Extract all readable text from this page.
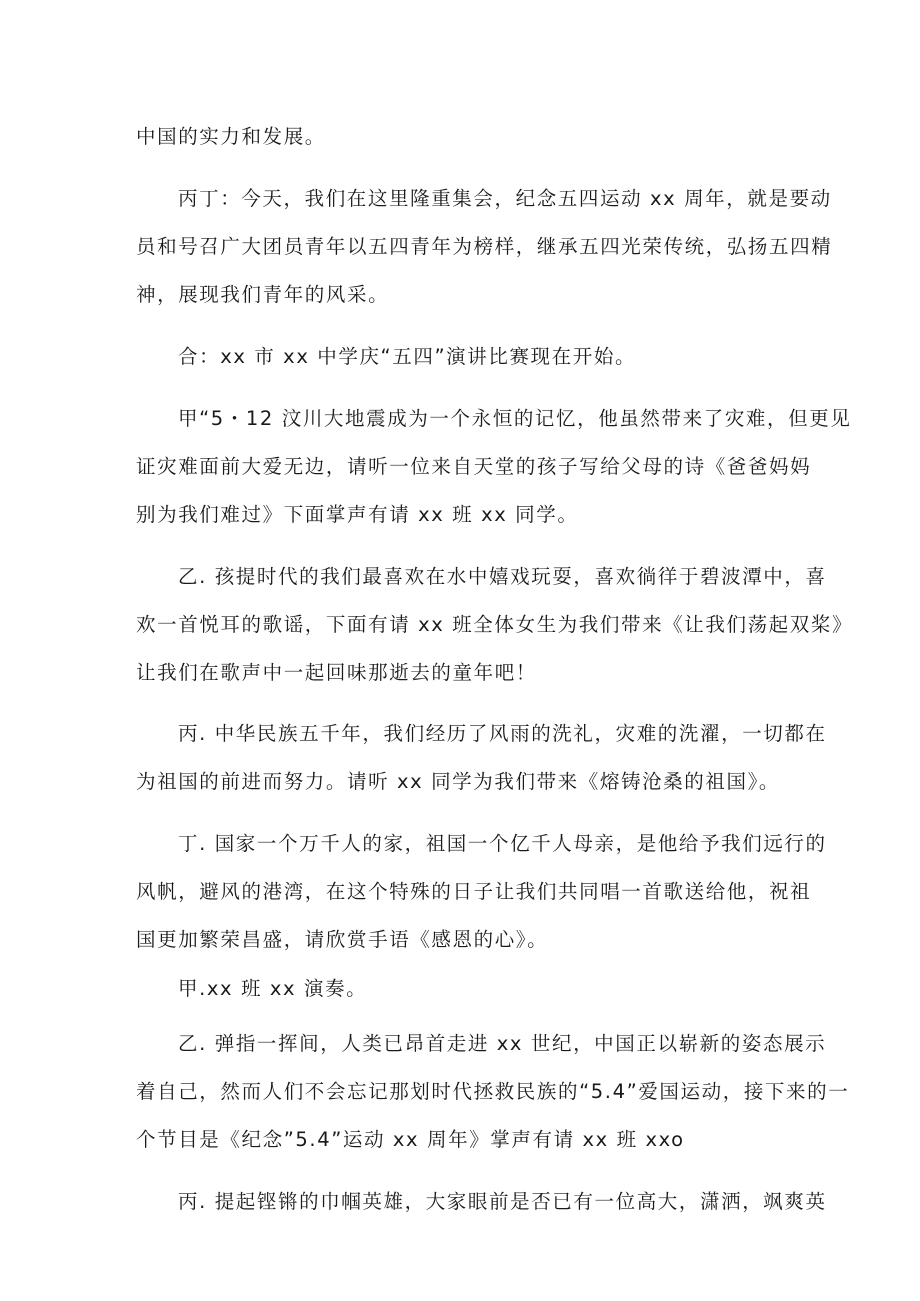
中国的实力和发展。
丙丁：今天，我们在这里隆重集会，纪念五四运动 xx 周年，就是要动
员和号召广大团员青年以五四青年为榜样，继承五四光荣传统，弘扬五四精
神，展现我们青年的风采。
合：xx 市 xx 中学庆“五四”演讲比赛现在开始。
甲“5・12 汶川大地震成为一个永恒的记忆，他虽然带来了灾难，但更见
证灾难面前大爱无边，请听一位来自天堂的孩子写给父母的诗《爸爸妈妈
别为我们难过》下面掌声有请 xx 班 xx 同学。
乙. 孩提时代的我们最喜欢在水中嬉戏玩耍，喜欢徜徉于碧波潭中，喜
欢一首悦耳的歌谣，下面有请 xx 班全体女生为我们带来《让我们荡起双桨》
让我们在歌声中一起回味那逝去的童年吧！
丙. 中华民族五千年，我们经历了风雨的洗礼，灾难的洗濯，一切都在
为祖国的前进而努力。请听 xx 同学为我们带来《熔铸沧桑的祖国》。
丁. 国家一个万千人的家，祖国一个亿千人母亲，是他给予我们远行的
风帆，避风的港湾，在这个特殊的日子让我们共同唱一首歌送给他，祝祖
国更加繁荣昌盛，请欣赏手语《感恩的心》。
甲.xx 班 xx 演奏。
乙. 弹指一挥间，人类已昂首走进 xx 世纪，中国正以崭新的姿态展示
着自己，然而人们不会忘记那划时代拯救民族的“5.4”爱国运动，接下来的一
个节目是《纪念”5.4”运动 xx 周年》掌声有请 xx 班 xxo
丙. 提起铿锵的巾帼英雄，大家眼前是否已有一位高大，潇洒，飒爽英
